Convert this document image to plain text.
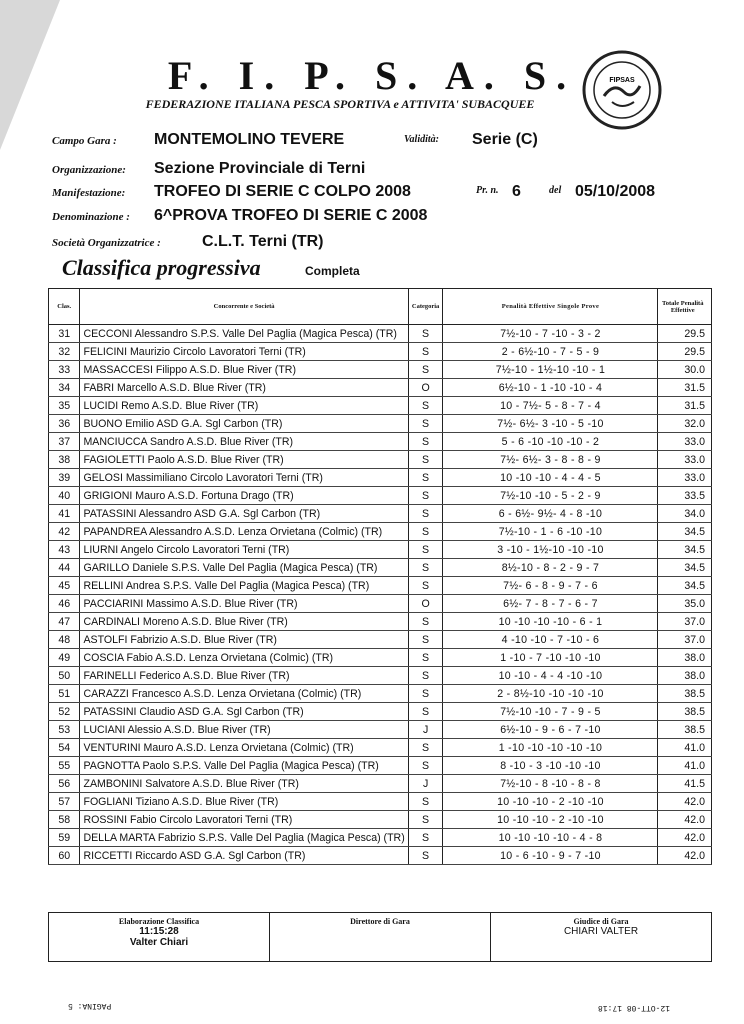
F. I. P. S. A. S.
FEDERAZIONE ITALIANA PESCA SPORTIVA e ATTIVITA' SUBACQUEE
FIPSAS
Campo Gara : MONTEMOLINO TEVERE	Validità: Serie (C)
Organizzazione: Sezione Provinciale di Terni
Manifestazione: TROFEO DI SERIE C COLPO 2008	Pr. n. 6	del 05/10/2008
Denominazione : 6^PROVA TROFEO DI SERIE C 2008
Società Organizzatrice :	C.L.T. Terni (TR)
Classifica progressiva	Completa
Clas.	Concorrente e Società	Categoria	Penalità Effettive Singole Prove	Totale Penalità Effettive
31	CECCONI Alessandro S.P.S. Valle Del Paglia (Magica Pesca) (TR)	S	7½-10 - 7 -10 - 3 - 2	29.5
32	FELICINI Maurizio Circolo Lavoratori Terni (TR)	S	2 - 6½-10 - 7 - 5 - 9	29.5
33	MASSACCESI Filippo A.S.D. Blue River (TR)	S	7½-10 - 1½-10 -10 - 1	30.0
34	FABRI Marcello A.S.D. Blue River (TR)	O	6½-10 - 1 -10 -10 - 4	31.5
35	LUCIDI Remo A.S.D. Blue River (TR)	S	10 - 7½- 5 - 8 - 7 - 4	31.5
36	BUONO Emilio ASD G.A. Sgl Carbon (TR)	S	7½- 6½- 3 -10 - 5 -10	32.0
37	MANCIUCCA Sandro A.S.D. Blue River (TR)	S	5 - 6 -10 -10 -10 - 2	33.0
38	FAGIOLETTI Paolo A.S.D. Blue River (TR)	S	7½- 6½- 3 - 8 - 8 - 9	33.0
39	GELOSI Massimiliano Circolo Lavoratori Terni (TR)	S	10 -10 -10 - 4 - 4 - 5	33.0
40	GRIGIONI Mauro A.S.D. Fortuna Drago (TR)	S	7½-10 -10 - 5 - 2 - 9	33.5
41	PATASSINI Alessandro ASD G.A. Sgl Carbon (TR)	S	6 - 6½- 9½- 4 - 8 -10	34.0
42	PAPANDREA Alessandro A.S.D. Lenza Orvietana (Colmic) (TR)	S	7½-10 - 1 - 6 -10 -10	34.5
43	LIURNI Angelo Circolo Lavoratori Terni (TR)	S	3 -10 - 1½-10 -10 -10	34.5
44	GARILLO Daniele S.P.S. Valle Del Paglia (Magica Pesca) (TR)	S	8½-10 - 8 - 2 - 9 - 7	34.5
45	RELLINI Andrea S.P.S. Valle Del Paglia (Magica Pesca) (TR)	S	7½- 6 - 8 - 9 - 7 - 6	34.5
46	PACCIARINI Massimo A.S.D. Blue River (TR)	O	6½- 7 - 8 - 7 - 6 - 7	35.0
47	CARDINALI Moreno A.S.D. Blue River (TR)	S	10 -10 -10 -10 - 6 - 1	37.0
48	ASTOLFI Fabrizio A.S.D. Blue River (TR)	S	4 -10 -10 - 7 -10 - 6	37.0
49	COSCIA Fabio A.S.D. Lenza Orvietana (Colmic) (TR)	S	1 -10 - 7 -10 -10 -10	38.0
50	FARINELLI Federico A.S.D. Blue River (TR)	S	10 -10 - 4 - 4 -10 -10	38.0
51	CARAZZI Francesco A.S.D. Lenza Orvietana (Colmic) (TR)	S	2 - 8½-10 -10 -10 -10	38.5
52	PATASSINI Claudio ASD G.A. Sgl Carbon (TR)	S	7½-10 -10 - 7 - 9 - 5	38.5
53	LUCIANI Alessio A.S.D. Blue River (TR)	J	6½-10 - 9 - 6 - 7 -10	38.5
54	VENTURINI Mauro A.S.D. Lenza Orvietana (Colmic) (TR)	S	1 -10 -10 -10 -10 -10	41.0
55	PAGNOTTA Paolo S.P.S. Valle Del Paglia (Magica Pesca) (TR)	S	8 -10 - 3 -10 -10 -10	41.0
56	ZAMBONINI Salvatore A.S.D. Blue River (TR)	J	7½-10 - 8 -10 - 8 - 8	41.5
57	FOGLIANI Tiziano A.S.D. Blue River (TR)	S	10 -10 -10 - 2 -10 -10	42.0
58	ROSSINI Fabio Circolo Lavoratori Terni (TR)	S	10 -10 -10 - 2 -10 -10	42.0
59	DELLA MARTA Fabrizio S.P.S. Valle Del Paglia (Magica Pesca) (TR)	S	10 -10 -10 -10 - 4 - 8	42.0
60	RICCETTI Riccardo ASD G.A. Sgl Carbon (TR)	S	10 - 6 -10 - 9 - 7 -10	42.0
Elaborazione Classifica
11:15:28
Valter Chiari

Direttore di Gara	Giudice di Gara
CHIARI VALTER
PAGINA: 5	12-OTT-08 17:18
